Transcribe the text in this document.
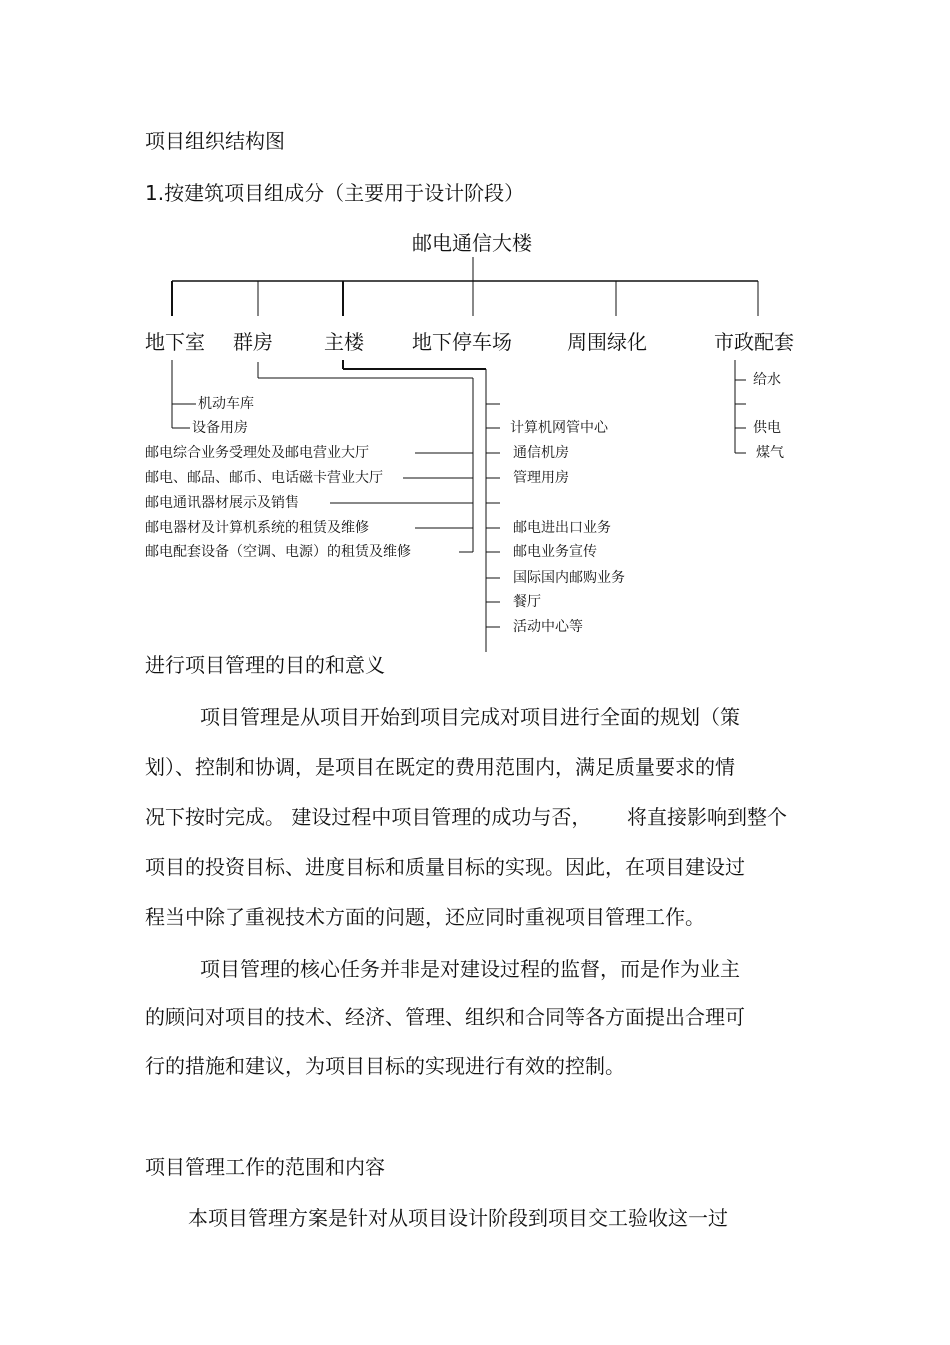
项目组织结构图
1.按建筑项目组成分（主要用于设计阶段）
邮电通信大楼
地下室 群房	主楼 地下停车场	周围绿化	市政配套
机动车库
设备用房
邮电综合业务受理处及邮电营业大厅
邮电、邮品、邮币、电话磁卡营业大厅
邮电通讯器材展示及销售
邮电器材及计算机系统的租赁及维修
邮电配套设备（空调、电源）的租赁及维修
计算机网管中心
通信机房
管理用房
邮电进出口业务
邮电业务宣传
国际国内邮购业务
餐厅
活动中心等
给水
供电
煤气
进行项目管理的目的和意义
项目管理是从项目开始到项目完成对项目进行全面的规划（策
划）、控制和协调，是项目在既定的费用范围内，满足质量要求的情
况下按时完成。 建设过程中项目管理的成功与否， 将直接影响到整个
项目的投资目标、进度目标和质量目标的实现。因此，在项目建设过
程当中除了重视技术方面的问题，还应同时重视项目管理工作。
项目管理的核心任务并非是对建设过程的监督，而是作为业主
的顾问对项目的技术、经济、管理、组织和合同等各方面提出合理可
行的措施和建议，为项目目标的实现进行有效的控制。
项目管理工作的范围和内容
本项目管理方案是针对从项目设计阶段到项目交工验收这一过
